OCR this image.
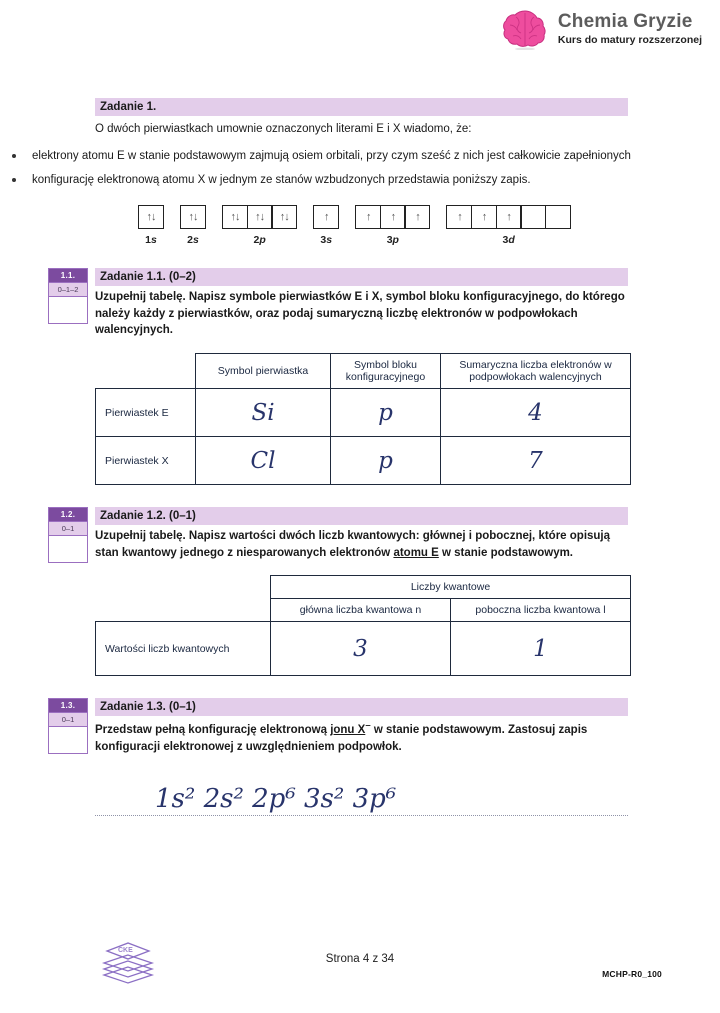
Chemia Gryzie
Kurs do matury rozszerzonej
Zadanie 1.
O dwóch pierwiastkach umownie oznaczonych literami E i X wiadomo, że:
elektrony atomu E w stanie podstawowym zajmują osiem orbitali, przy czym sześć z nich jest całkowicie zapełnionych
konfigurację elektronową atomu X w jednym ze stanów wzbudzonych przedstawia poniższy zapis.
↑↓
1s
↑↓
2s
↑↓	↑↓	↑↓
2p
↑
3s
↑	↑	↑
3p
↑	↑	↑
3d
1.1.
0–1–2
Zadanie 1.1. (0–2)
Uzupełnij tabelę. Napisz symbole pierwiastków E i X, symbol bloku konfiguracyjnego, do którego należy każdy z pierwiastków, oraz podaj sumaryczną liczbę elektronów w podpowłokach walencyjnych.
	Symbol pierwiastka	Symbol bloku konfiguracyjnego	Sumaryczna liczba elektronów w podpowłokach walencyjnych
Pierwiastek E	Si	p	4
Pierwiastek X	Cl	p	7
1.2.
0–1
Zadanie 1.2. (0–1)
Uzupełnij tabelę. Napisz wartości dwóch liczb kwantowych: głównej i pobocznej, które opisują stan kwantowy jednego z niesparowanych elektronów atomu E w stanie podstawowym.
	Liczby kwantowe	
	główna liczba kwantowa n	poboczna liczba kwantowa l
Wartości liczb kwantowych	3	1
1.3.
0–1
Zadanie 1.3. (0–1)
Przedstaw pełną konfigurację elektronową jonu X– w stanie podstawowym. Zastosuj zapis konfiguracji elektronowej z uwzględnieniem podpowłok.
1s² 2s² 2p⁶ 3s² 3p⁶
CKE
Strona 4 z 34
MCHP-R0_100
